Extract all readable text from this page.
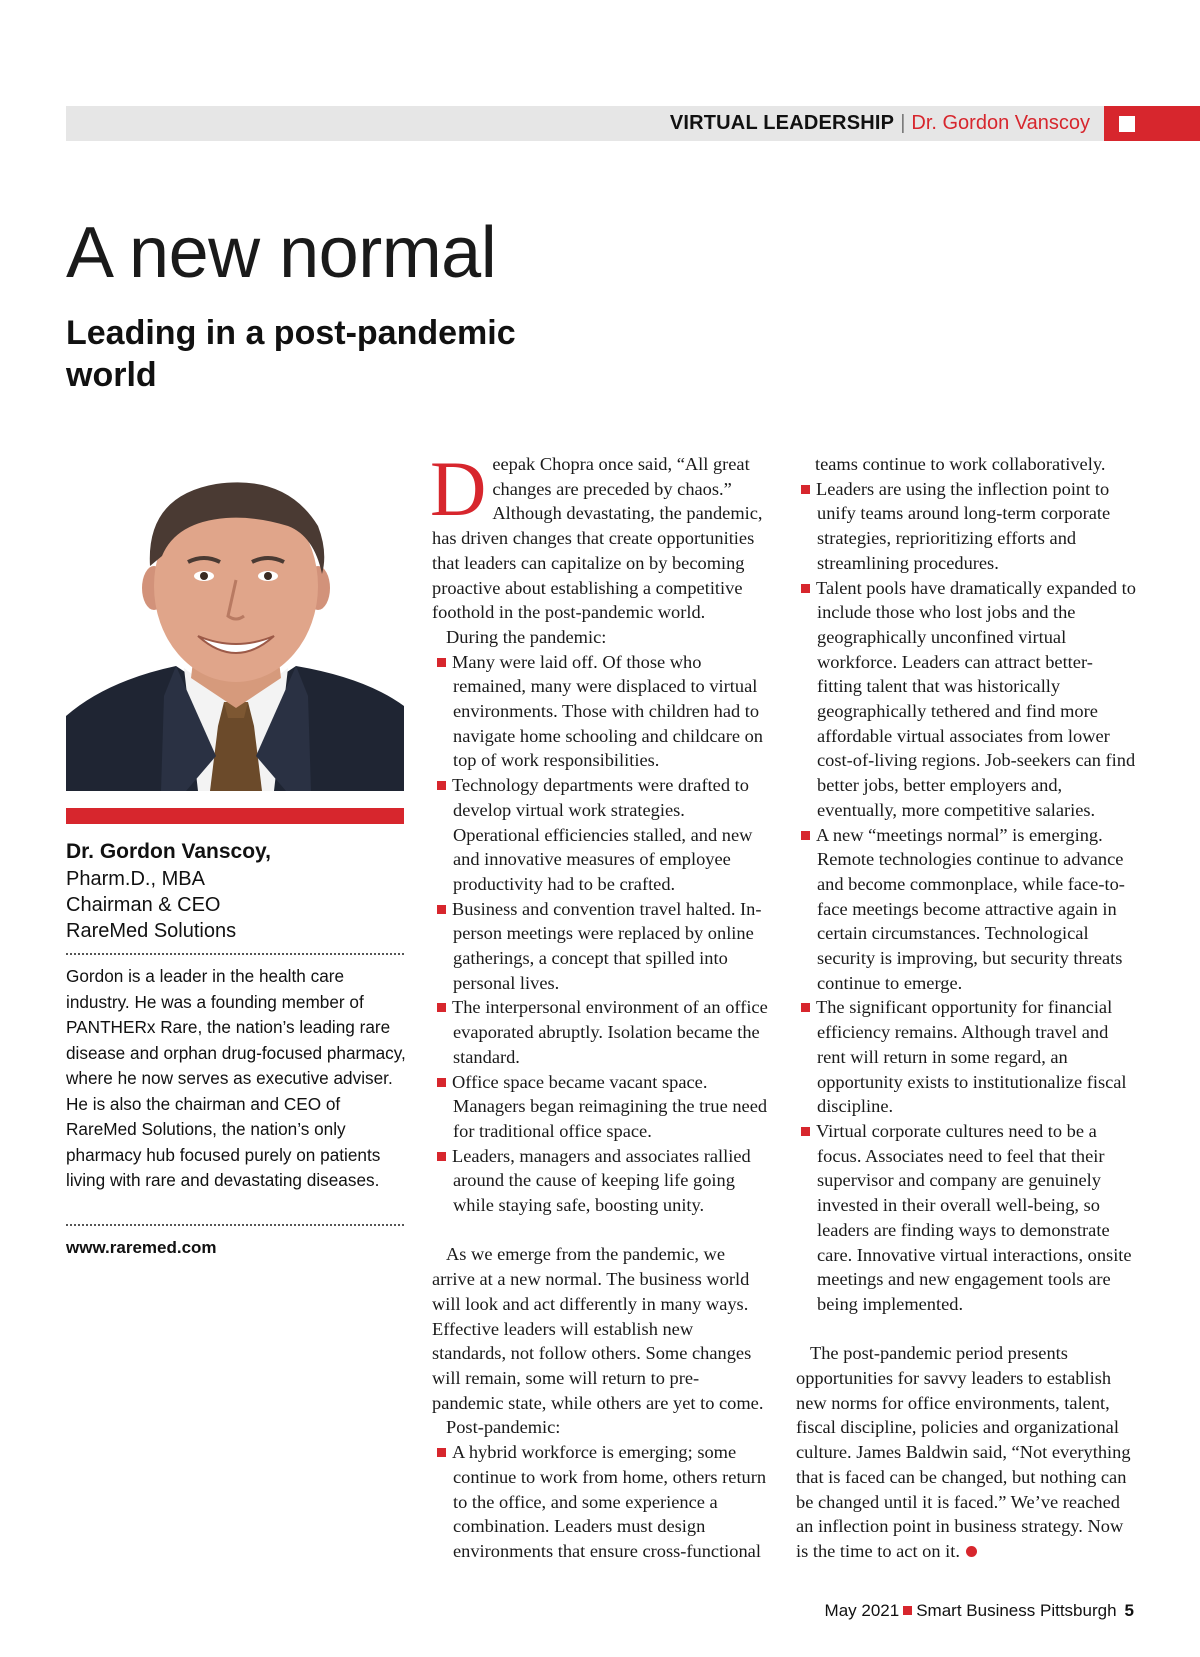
VIRTUAL LEADERSHIP | Dr. Gordon Vanscoy
A new normal
Leading in a post-pandemic world
Dr. Gordon Vanscoy,
Pharm.D., MBA
Chairman & CEO
RareMed Solutions

Gordon is a leader in the health care industry. He was a founding member of PANTHERx Rare, the nation’s leading rare disease and orphan drug-focused pharmacy, where he now serves as executive adviser. He is also the chairman and CEO of RareMed Solutions, the nation’s only pharmacy hub focused purely on patients living with rare and devastating diseases.

www.raremed.com

Deepak Chopra once said, “All great changes are preceded by chaos.” Although devastating, the pandemic, has driven changes that create opportunities that leaders can capitalize on by becoming proactive about establishing a competitive foothold in the post-pandemic world.

During the pandemic:

Many were laid off. Of those who remained, many were displaced to virtual environments. Those with children had to navigate home schooling and childcare on top of work responsibilities.

Technology departments were drafted to develop virtual work strategies. Operational efficiencies stalled, and new and innovative measures of employee productivity had to be crafted.

Business and convention travel halted. In-person meetings were replaced by online gatherings, a concept that spilled into personal lives.

The interpersonal environment of an office evaporated abruptly. Isolation became the standard.

Office space became vacant space. Managers began reimagining the true need for traditional office space.

Leaders, managers and associates rallied around the cause of keeping life going while staying safe, boosting unity.

As we emerge from the pandemic, we arrive at a new normal. The business world will look and act differently in many ways. Effective leaders will establish new standards, not follow others. Some changes will remain, some will return to pre-pandemic state, while others are yet to come.

Post-pandemic:

A hybrid workforce is emerging; some continue to work from home, others return to the office, and some experience a combination. Leaders must design environments that ensure cross-functional

teams continue to work collaboratively.

Leaders are using the inflection point to unify teams around long-term corporate strategies, reprioritizing efforts and streamlining procedures.

Talent pools have dramatically expanded to include those who lost jobs and the geographically unconfined virtual workforce. Leaders can attract better-fitting talent that was historically geographically tethered and find more affordable virtual associates from lower cost-of-living regions. Job-seekers can find better jobs, better employers and, eventually, more competitive salaries.

A new “meetings normal” is emerging. Remote technologies continue to advance and become commonplace, while face-to-face meetings become attractive again in certain circumstances. Technological security is improving, but security threats continue to emerge.

The significant opportunity for financial efficiency remains. Although travel and rent will return in some regard, an opportunity exists to institutionalize fiscal discipline.

Virtual corporate cultures need to be a focus. Associates need to feel that their supervisor and company are genuinely invested in their overall well-being, so leaders are finding ways to demonstrate care. Innovative virtual interactions, onsite meetings and new engagement tools are being implemented.

The post-pandemic period presents opportunities for savvy leaders to establish new norms for office environments, talent, fiscal discipline, policies and organizational culture. James Baldwin said, “Not everything that is faced can be changed, but nothing can be changed until it is faced.” We’ve reached an inflection point in business strategy. Now is the time to act on it.

May 2021 Smart Business Pittsburgh 5
